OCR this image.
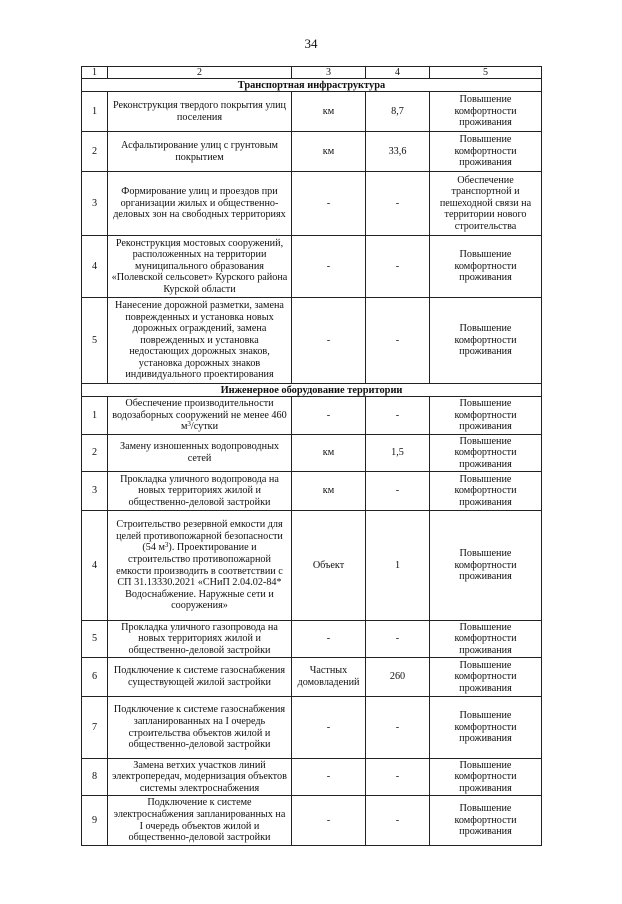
34
1	2	3	4	5
Транспортная инфраструктура				
1	Реконструкция твердого покрытия улиц поселения	км	8,7	Повышение комфортности проживания
2	Асфальтирование улиц с грунтовым покрытием	км	33,6	Повышение комфортности проживания
3	Формирование улиц и проездов при организации жилых и общественно-деловых зон на свободных территориях	-	-	Обеспечение транспортной и пешеходной связи на территории нового строительства
4	Реконструкция мостовых сооружений, расположенных на территории муниципального образования «Полевской сельсовет» Курского района Курской области	-	-	Повышение комфортности проживания
5	Нанесение дорожной разметки, замена поврежденных и установка новых дорожных ограждений, замена поврежденных и установка недостающих дорожных знаков, установка дорожных знаков индивидуального проектирования	-	-	Повышение комфортности проживания
Инженерное оборудование территории				
1	Обеспечение производительности водозаборных сооружений не менее 460 $м^3$/сутки	-	-	Повышение комфортности проживания
2	Замену изношенных водопроводных сетей	км	1,5	Повышение комфортности проживания
3	Прокладка уличного водопровода на новых территориях жилой и общественно-деловой застройки	км	-	Повышение комфортности проживания
4	Строительство резервной емкости для целей противопожарной безопасности (54 $м^3$). Проектирование и строительство противопожарной емкости производить в соответствии с СП 31.13330.2021 «СНиП 2.04.02-84* Водоснабжение. Наружные сети и сооружения»	Объект	1	Повышение комфортности проживания
5	Прокладка уличного газопровода на новых территориях жилой и общественно-деловой застройки	-	-	Повышение комфортности проживания
6	Подключение к системе газоснабжения существующей жилой застройки	Частных домовладений	260	Повышение комфортности проживания
7	Подключение к системе газоснабжения запланированных на I очередь строительства объектов жилой и общественно-деловой застройки	-	-	Повышение комфортности проживания
8	Замена ветхих участков линий электропередач, модернизация объектов системы электроснабжения	-	-	Повышение комфортности проживания
9	Подключение к системе электроснабжения запланированных на I очередь объектов жилой и общественно-деловой застройки	-	-	Повышение комфортности проживания
